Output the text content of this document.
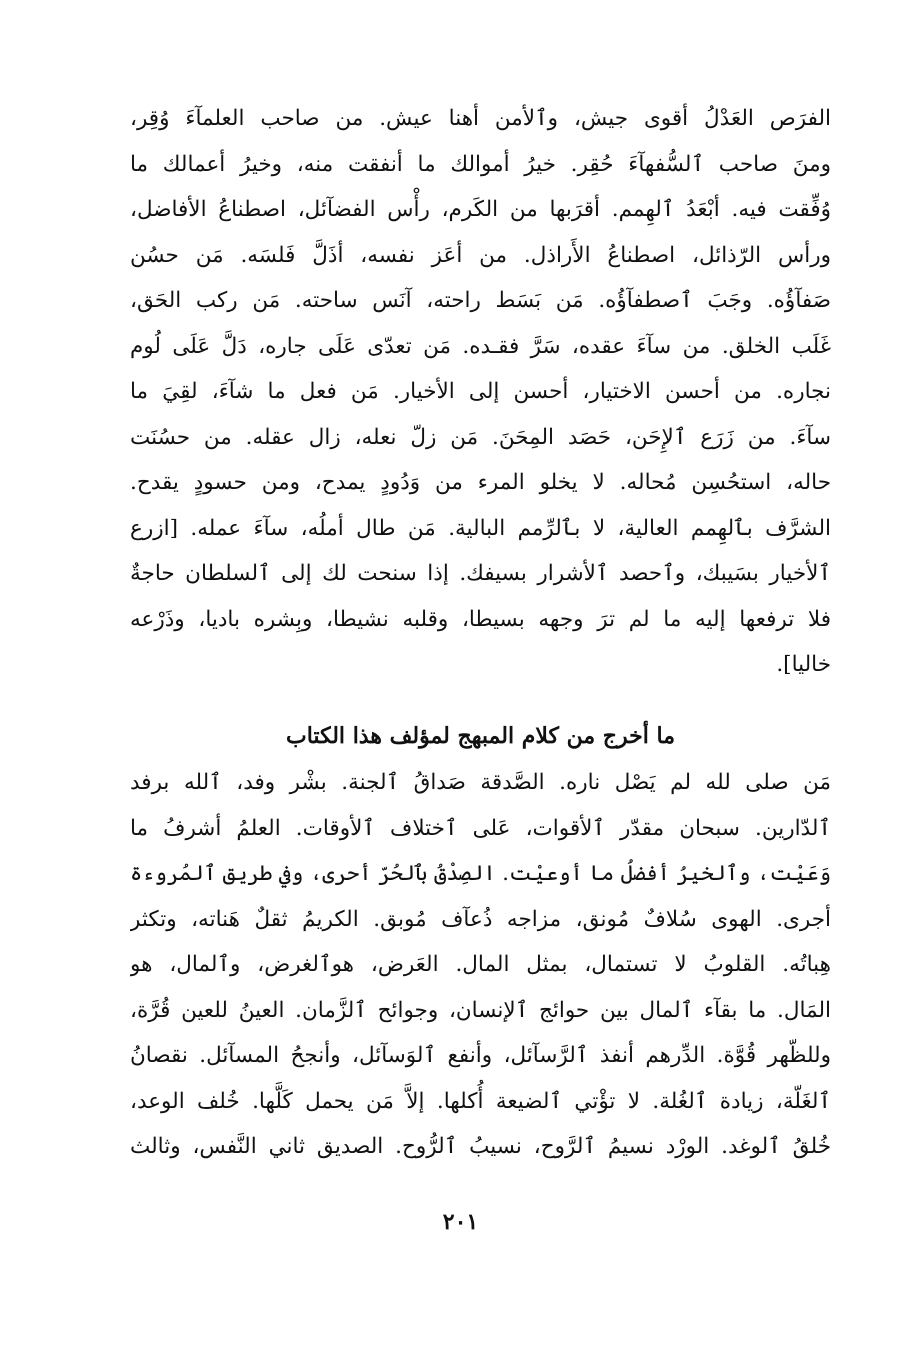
الفرَص العَدْلُ أقوى جيش، وٱلأمن أهنا عيش. من صاحب العلمآءَ وُقِر،
ومنَ صاحب ٱلسُّفهآءَ حُقِر. خيرُ أموالك ما أنفقت منه، وخيرُ أعمالك ما
وُفِّقت فيه. أبْعَدُ ٱلهِمم. أقرَبها من الكَرم، رأْس الفضآئل، اصطناعُ الأفاضل،
ورأس الرّذائل، اصطناعُ الأَراذل. من أعَز نفسه، أذَلَّ فَلسَه. مَن حسُن
صَفآؤُه. وجَبَ ٱصطفآؤُه. مَن بَسَط راحته، آنَس ساحته. مَن ركب الحَق،
غَلَب الخلق. من سآءَ عقده، سَرَّ فقـده. مَن تعدّى عَلَى جاره، دَلَّ عَلَى لُوم
نجاره. من أحسن الاختيار، أحسن إلى الأخيار. مَن فعل ما شآءَ، لقِيَ ما
سآءَ. من زَرَع ٱلإِحَن، حَصَد المِحَنَ. مَن زلّ نعله، زال عقله. من حسُنَت
حاله، استحُسِن مُحاله. لا يخلو المرء من وَدُودٍ يمدح، ومن حسودٍ يقدح.
الشرَّف بٱلهِمم العالية، لا بٱلرِّمم البالية. مَن طال أملُه، سآءَ عمله. [ازرع
ٱلأخيار بسَيبك، وٱحصد ٱلأشرار بسيفك. إذا سنحت لك إلى ٱلسلطان حاجةٌ
فلا ترفعها إليه ما لم ترَ وجهه بسيطا، وقلبه نشيطا، وبِشره باديا، وذَرْعه
خاليا].
ما أخرج من كلام المبهج لمؤلف هذا الكتاب
مَن صلى لله لم يَصْل ناره. الصَّدقة صَداقُ ٱلجنة. بشْر وفد، ٱلله برفد
ٱلدّارين. سبحان مقدّر ٱلأقوات، عَلى ٱختلاف ٱلأوقات. العلمُ أشرفُ ما
وَعَيْت، وٱلخيرُ أفضلُ ما أوعيْت. الصِدْقُ بٱلحُرّ أحرى، وفي طريق ٱلمُروءة
أجرى. الهوى سُلافٌ مُونق، مزاجه ذُعآف مُوبق. الكريمُ ثقلٌ هَناته، وتكثر
هِباتُه. القلوبُ لا تستمال، بمثل المال. العَرض، هوٱلغرض، وٱلمال، هو
المَال. ما بقآء ٱلمال بين حوائج ٱلإنسان، وجوائح ٱلزَّمان. العينُ للعين قُرَّة،
وللظّهر قُوَّة. الدِّرهم أنفذ ٱلرَّسآئل، وأنفع ٱلوَسآئل، وأنجحُ المسآئل. نقصانُ
ٱلغَلّة، زيادة ٱلغُلة. لا تؤْتي ٱلضيعة أُكلها. إلاَّ مَن يحمل كَلَّها. خُلف الوعد،
خُلقُ ٱلوغد. الورْد نسيمُ ٱلرَّوح، نسيبُ ٱلرُّوح. الصديق ثاني النَّفس، وثالث
٢٠١
